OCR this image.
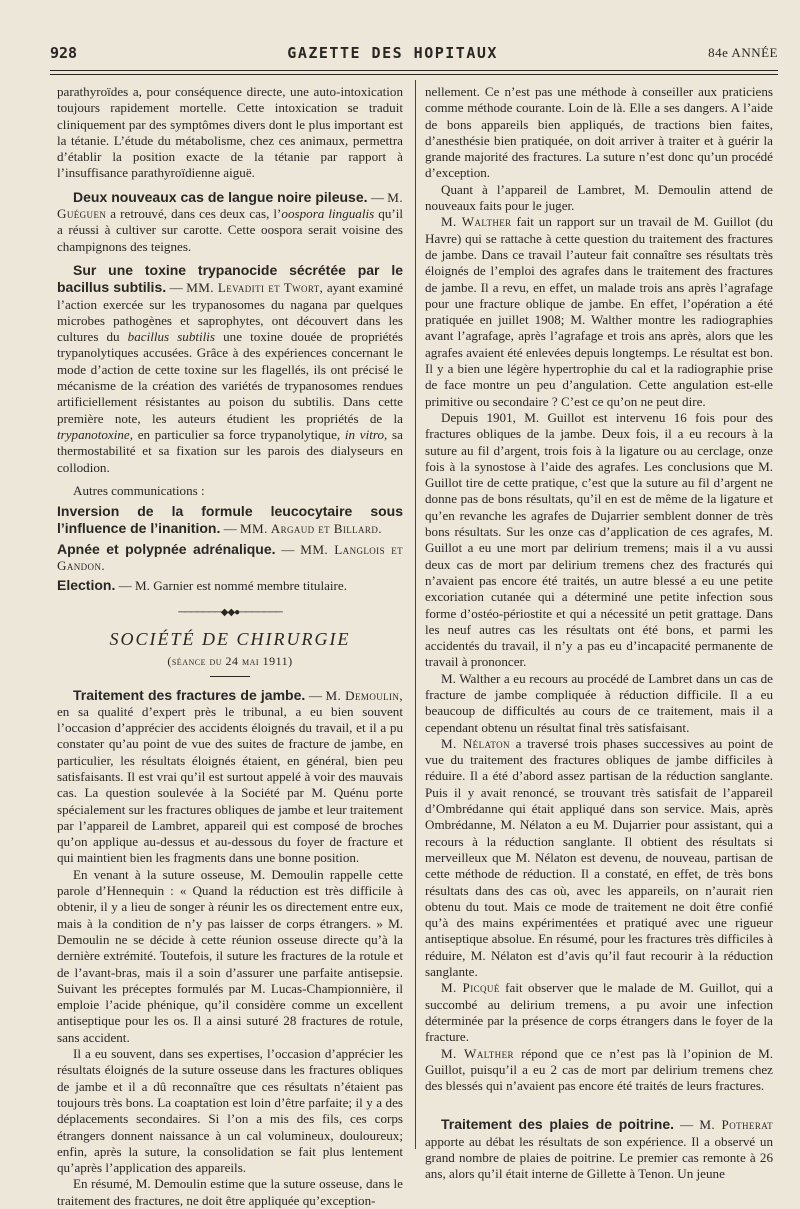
928	GAZETTE DES HOPITAUX	84e ANNÉE

parathyroïdes a, pour conséquence directe, une auto-intoxication toujours rapidement mortelle. Cette intoxication se traduit cliniquement par des symptômes divers dont le plus important est la tétanie. L’étude du métabolisme, chez ces animaux, permettra d’établir la position exacte de la tétanie par rapport à l’insuffisance parathyroïdienne aiguë.

Deux nouveaux cas de langue noire pileuse. — M. Guéguen a retrouvé, dans ces deux cas, l’oospora lingualis qu’il a réussi à cultiver sur carotte. Cette oospora serait voisine des champignons des teignes.

Sur une toxine trypanocide sécrétée par le bacillus subtilis. — MM. Levaditi et Twort, ayant examiné l’action exercée sur les trypanosomes du nagana par quelques microbes pathogènes et saprophytes, ont découvert dans les cultures du bacillus subtilis une toxine douée de propriétés trypanolytiques accusées. Grâce à des expériences concernant le mode d’action de cette toxine sur les flagellés, ils ont précisé le mécanisme de la création des variétés de trypanosomes rendues artificiellement résistantes au poison du subtilis. Dans cette première note, les auteurs étudient les propriétés de la trypanotoxine, en particulier sa force trypanolytique, in vitro, sa thermostabilité et sa fixation sur les parois des dialyseurs en collodion.

Autres communications :

Inversion de la formule leucocytaire sous l’influence de l’inanition. — MM. Argaud et Billard.

Apnée et polypnée adrénalique. — MM. Langlois et Gandon.

Election. — M. Garnier est nommé membre titulaire.

───────◆◆●───────
SOCIÉTÉ DE CHIRURGIE
(séance du 24 mai 1911)

Traitement des fractures de jambe. — M. Demoulin, en sa qualité d’expert près le tribunal, a eu bien souvent l’occasion d’apprécier des accidents éloignés du travail, et il a pu constater qu’au point de vue des suites de fracture de jambe, en particulier, les résultats éloignés étaient, en général, bien peu satisfaisants. Il est vrai qu’il est surtout appelé à voir des mauvais cas. La question soulevée à la Société par M. Quénu porte spécialement sur les fractures obliques de jambe et leur traitement par l’appareil de Lambret, appareil qui est composé de broches qu’on applique au-dessus et au-dessous du foyer de fracture et qui maintient bien les fragments dans une bonne position.

En venant à la suture osseuse, M. Demoulin rappelle cette parole d’Hennequin : « Quand la réduction est très difficile à obtenir, il y a lieu de songer à réunir les os directement entre eux, mais à la condition de n’y pas laisser de corps étrangers. » M. Demoulin ne se décide à cette réunion osseuse directe qu’à la dernière extrémité. Toutefois, il suture les fractures de la rotule et de l’avant-bras, mais il a soin d’assurer une parfaite antisepsie. Suivant les préceptes formulés par M. Lucas-Championnière, il emploie l’acide phénique, qu’il considère comme un excellent antiseptique pour les os. Il a ainsi suturé 28 fractures de rotule, sans accident.

Il a eu souvent, dans ses expertises, l’occasion d’apprécier les résultats éloignés de la suture osseuse dans les fractures obliques de jambe et il a dû reconnaître que ces résultats n’étaient pas toujours très bons. La coaptation est loin d’être parfaite; il y a des déplacements secondaires. Si l’on a mis des fils, ces corps étrangers donnent naissance à un cal volumineux, douloureux; enfin, après la suture, la consolidation se fait plus lentement qu’après l’application des appareils.

En résumé, M. Demoulin estime que la suture osseuse, dans le traitement des fractures, ne doit être appliquée qu’exception-

nellement. Ce n’est pas une méthode à conseiller aux praticiens comme méthode courante. Loin de là. Elle a ses dangers. A l’aide de bons appareils bien appliqués, de tractions bien faites, d’anesthésie bien pratiquée, on doit arriver à traiter et à guérir la grande majorité des fractures. La suture n’est donc qu’un procédé d’exception.

Quant à l’appareil de Lambret, M. Demoulin attend de nouveaux faits pour le juger.

M. Walther fait un rapport sur un travail de M. Guillot (du Havre) qui se rattache à cette question du traitement des fractures de jambe. Dans ce travail l’auteur fait connaître ses résultats très éloignés de l’emploi des agrafes dans le traitement des fractures de jambe. Il a revu, en effet, un malade trois ans après l’agrafage pour une fracture oblique de jambe. En effet, l’opération a été pratiquée en juillet 1908; M. Walther montre les radiographies avant l’agrafage, après l’agrafage et trois ans après, alors que les agrafes avaient été enlevées depuis longtemps. Le résultat est bon. Il y a bien une légère hypertrophie du cal et la radiographie prise de face montre un peu d’angulation. Cette angulation est-elle primitive ou secondaire ? C’est ce qu’on ne peut dire.

Depuis 1901, M. Guillot est intervenu 16 fois pour des fractures obliques de la jambe. Deux fois, il a eu recours à la suture au fil d’argent, trois fois à la ligature ou au cerclage, onze fois à la synostose à l’aide des agrafes. Les conclusions que M. Guillot tire de cette pratique, c’est que la suture au fil d’argent ne donne pas de bons résultats, qu’il en est de même de la ligature et qu’en revanche les agrafes de Dujarrier semblent donner de très bons résultats. Sur les onze cas d’application de ces agrafes, M. Guillot a eu une mort par delirium tremens; mais il a vu aussi deux cas de mort par delirium tremens chez des fracturés qui n’avaient pas encore été traités, un autre blessé a eu une petite excoriation cutanée qui a déterminé une petite infection sous forme d’ostéo-périostite et qui a nécessité un petit grattage. Dans les neuf autres cas les résultats ont été bons, et parmi les accidentés du travail, il n’y a pas eu d’incapacité permanente de travail à prononcer.

M. Walther a eu recours au procédé de Lambret dans un cas de fracture de jambe compliquée à réduction difficile. Il a eu beaucoup de difficultés au cours de ce traitement, mais il a cependant obtenu un résultat final très satisfaisant.

M. Nélaton a traversé trois phases successives au point de vue du traitement des fractures obliques de jambe difficiles à réduire. Il a été d’abord assez partisan de la réduction sanglante. Puis il y avait renoncé, se trouvant très satisfait de l’appareil d’Ombrédanne qui était appliqué dans son service. Mais, après Ombrédanne, M. Nélaton a eu M. Dujarrier pour assistant, qui a recours à la réduction sanglante. Il obtient des résultats si merveilleux que M. Nélaton est devenu, de nouveau, partisan de cette méthode de réduction. Il a constaté, en effet, de très bons résultats dans des cas où, avec les appareils, on n’aurait rien obtenu du tout. Mais ce mode de traitement ne doit être confié qu’à des mains expérimentées et pratiqué avec une rigueur antiseptique absolue. En résumé, pour les fractures très difficiles à réduire, M. Nélaton est d’avis qu’il faut recourir à la réduction sanglante.

M. Picqué fait observer que le malade de M. Guillot, qui a succombé au delirium tremens, a pu avoir une infection déterminée par la présence de corps étrangers dans le foyer de la fracture.

M. Walther répond que ce n’est pas là l’opinion de M. Guillot, puisqu’il a eu 2 cas de mort par delirium tremens chez des blessés qui n’avaient pas encore été traités de leurs fractures.

Traitement des plaies de poitrine. — M. Potherat apporte au débat les résultats de son expérience. Il a observé un grand nombre de plaies de poitrine. Le premier cas remonte à 26 ans, alors qu’il était interne de Gillette à Tenon. Un jeune
